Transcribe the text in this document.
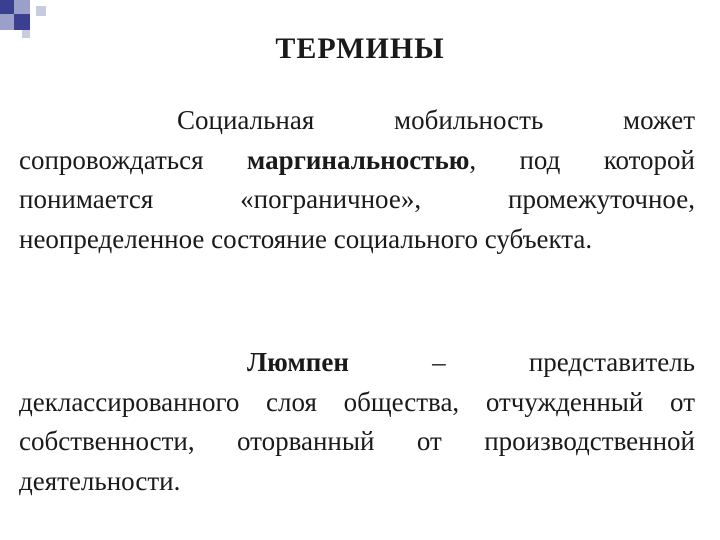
ТЕРМИНЫ
Социальная мобильность может сопровождаться маргинальностью, под которой понимается «пограничное», промежуточное, неопределенное состояние социального субъекта.
Люмпен – представитель деклассированного слоя общества, отчужденный от собственности, оторванный от производственной деятельности.
